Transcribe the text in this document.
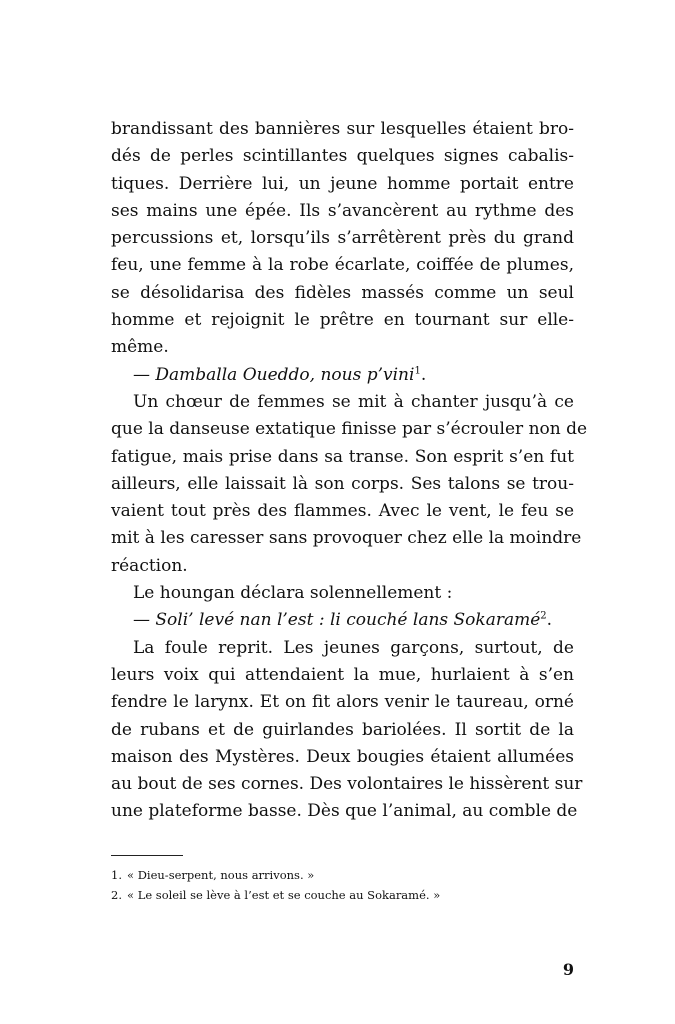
brandissant des bannières sur lesquelles étaient bro-
dés de perles scintillantes quelques signes cabalis-
tiques. Derrière lui, un jeune homme portait entre
ses mains une épée. Ils s’avancèrent au rythme des
percussions et, lorsqu’ils s’arrêtèrent près du grand
feu, une femme à la robe écarlate, coiffée de plumes,
se désolidarisa des fidèles massés comme un seul
homme et rejoignit le prêtre en tournant sur elle-
même.
— Damballa Oueddo, nous p’vini$^1$.
Un chœur de femmes se mit à chanter jusqu’à ce
que la danseuse extatique finisse par s’écrouler non de
fatigue, mais prise dans sa transe. Son esprit s’en fut
ailleurs, elle laissait là son corps. Ses talons se trou-
vaient tout près des flammes. Avec le vent, le feu se
mit à les caresser sans provoquer chez elle la moindre
réaction.
Le houngan déclara solennellement :
— Soli’ levé nan l’est : li couché lans Sokaramé$^2$.
La foule reprit. Les jeunes garçons, surtout, de
leurs voix qui attendaient la mue, hurlaient à s’en
fendre le larynx. Et on fit alors venir le taureau, orné
de rubans et de guirlandes bariolées. Il sortit de la
maison des Mystères. Deux bougies étaient allumées
au bout de ses cornes. Des volontaires le hissèrent sur
une plateforme basse. Dès que l’animal, au comble de
1. « Dieu-serpent, nous arrivons. »
2. « Le soleil se lève à l’est et se couche au Sokaramé. »
9
